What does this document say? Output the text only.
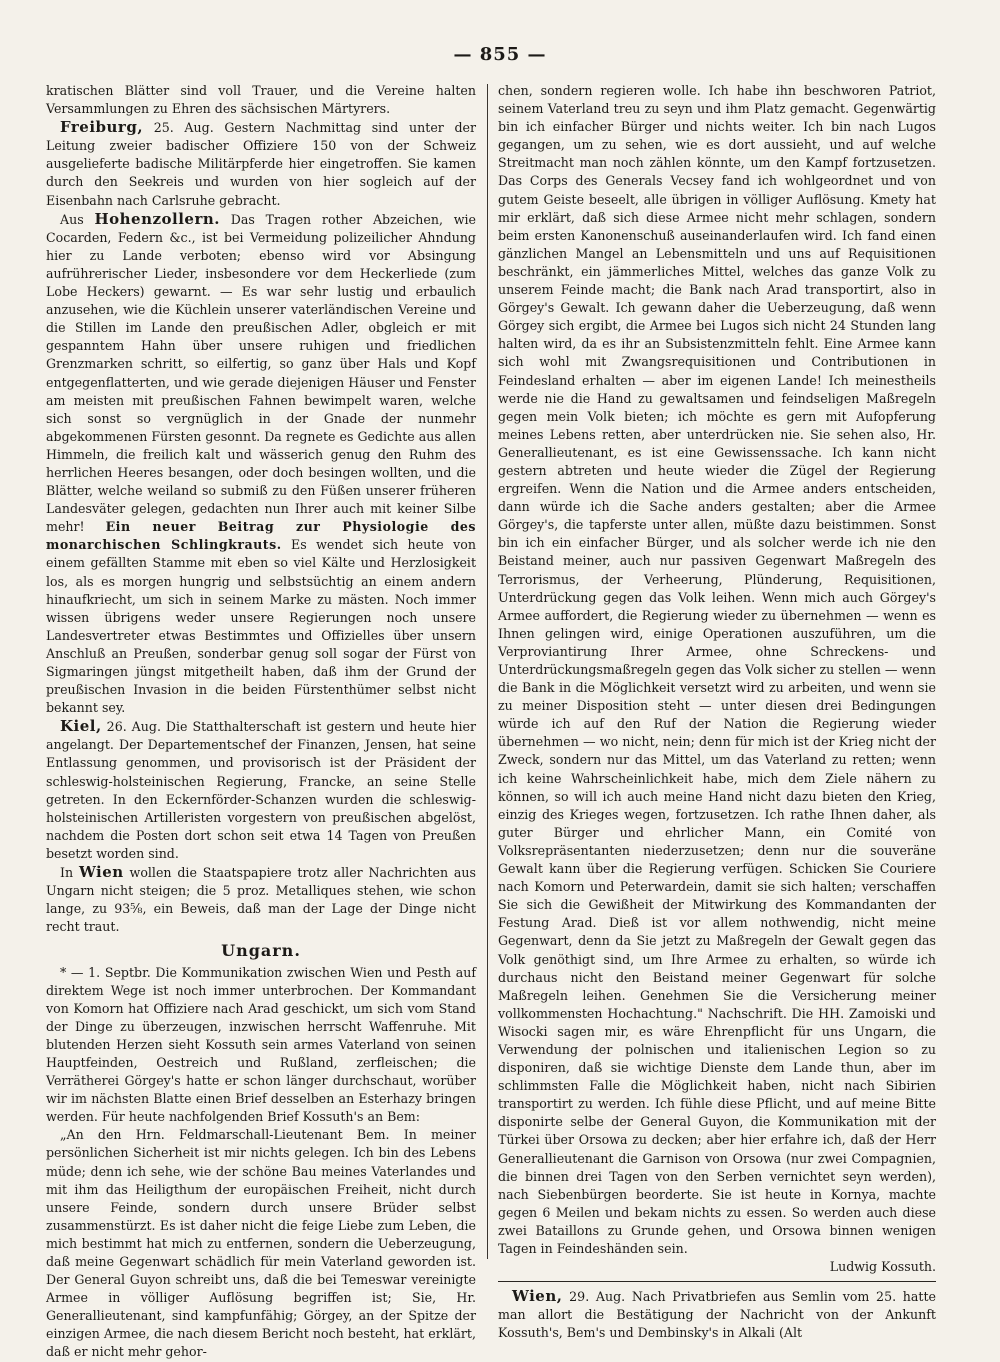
— 855 —

kratischen Blätter sind voll Trauer, und die Vereine halten Versammlungen zu Ehren des sächsischen Märtyrers.

Freiburg, 25. Aug. Gestern Nachmittag sind unter der Leitung zweier badischer Offiziere 150 von der Schweiz ausgelieferte badische Militärpferde hier eingetroffen. Sie kamen durch den Seekreis und wurden von hier sogleich auf der Eisenbahn nach Carlsruhe gebracht.

Aus Hohenzollern. Das Tragen rother Abzeichen, wie Cocarden, Federn &c., ist bei Vermeidung polizeilicher Ahndung hier zu Lande verboten; ebenso wird vor Absingung aufrührerischer Lieder, insbesondere vor dem Heckerliede (zum Lobe Heckers) gewarnt. — Es war sehr lustig und erbaulich anzusehen, wie die Küchlein unserer vaterländischen Vereine und die Stillen im Lande den preußischen Adler, obgleich er mit gespanntem Hahn über unsere ruhigen und friedlichen Grenzmarken schritt, so eilfertig, so ganz über Hals und Kopf entgegenflatterten, und wie gerade diejenigen Häuser und Fenster am meisten mit preußischen Fahnen bewimpelt waren, welche sich sonst so vergnüglich in der Gnade der nunmehr abgekommenen Fürsten gesonnt. Da regnete es Gedichte aus allen Himmeln, die freilich kalt und wässerich genug den Ruhm des herrlichen Heeres besangen, oder doch besingen wollten, und die Blätter, welche weiland so submiß zu den Füßen unserer früheren Landesväter gelegen, gedachten nun Ihrer auch mit keiner Silbe mehr! Ein neuer Beitrag zur Physiologie des monarchischen Schlingkrauts. Es wendet sich heute von einem gefällten Stamme mit eben so viel Kälte und Herzlosigkeit los, als es morgen hungrig und selbstsüchtig an einem andern hinaufkriecht, um sich in seinem Marke zu mästen. Noch immer wissen übrigens weder unsere Regierungen noch unsere Landesvertreter etwas Bestimmtes und Offizielles über unsern Anschluß an Preußen, sonderbar genug soll sogar der Fürst von Sigmaringen jüngst mitgetheilt haben, daß ihm der Grund der preußischen Invasion in die beiden Fürstenthümer selbst nicht bekannt sey.

Kiel, 26. Aug. Die Statthalterschaft ist gestern und heute hier angelangt. Der Departementschef der Finanzen, Jensen, hat seine Entlassung genommen, und provisorisch ist der Präsident der schleswig-holsteinischen Regierung, Francke, an seine Stelle getreten. In den Eckernförder-Schanzen wurden die schleswig-holsteinischen Artilleristen vorgestern von preußischen abgelöst, nachdem die Posten dort schon seit etwa 14 Tagen von Preußen besetzt worden sind.

In Wien wollen die Staatspapiere trotz aller Nachrichten aus Ungarn nicht steigen; die 5 proz. Metalliques stehen, wie schon lange, zu 93⅝, ein Beweis, daß man der Lage der Dinge nicht recht traut.

Ungarn.

* — 1. Septbr. Die Kommunikation zwischen Wien und Pesth auf direktem Wege ist noch immer unterbrochen. Der Kommandant von Komorn hat Offiziere nach Arad geschickt, um sich vom Stand der Dinge zu überzeugen, inzwischen herrscht Waffenruhe. Mit blutenden Herzen sieht Kossuth sein armes Vaterland von seinen Hauptfeinden, Oestreich und Rußland, zerfleischen; die Verrätherei Görgey's hatte er schon länger durchschaut, worüber wir im nächsten Blatte einen Brief desselben an Esterhazy bringen werden. Für heute nachfolgenden Brief Kossuth's an Bem:

„An den Hrn. Feldmarschall-Lieutenant Bem. In meiner persönlichen Sicherheit ist mir nichts gelegen. Ich bin des Lebens müde; denn ich sehe, wie der schöne Bau meines Vaterlandes und mit ihm das Heiligthum der europäischen Freiheit, nicht durch unsere Feinde, sondern durch unsere Brüder selbst zusammenstürzt. Es ist daher nicht die feige Liebe zum Leben, die mich bestimmt hat mich zu entfernen, sondern die Ueberzeugung, daß meine Gegenwart schädlich für mein Vaterland geworden ist. Der General Guyon schreibt uns, daß die bei Temeswar vereinigte Armee in völliger Auflösung begriffen ist; Sie, Hr. Generallieutenant, sind kampfunfähig; Görgey, an der Spitze der einzigen Armee, die nach diesem Bericht noch besteht, hat erklärt, daß er nicht mehr gehor-

chen, sondern regieren wolle. Ich habe ihn beschworen Patriot, seinem Vaterland treu zu seyn und ihm Platz gemacht. Gegenwärtig bin ich einfacher Bürger und nichts weiter. Ich bin nach Lugos gegangen, um zu sehen, wie es dort aussieht, und auf welche Streitmacht man noch zählen könnte, um den Kampf fortzusetzen. Das Corps des Generals Vecsey fand ich wohlgeordnet und von gutem Geiste beseelt, alle übrigen in völliger Auflösung. Kmety hat mir erklärt, daß sich diese Armee nicht mehr schlagen, sondern beim ersten Kanonenschuß auseinanderlaufen wird. Ich fand einen gänzlichen Mangel an Lebensmitteln und uns auf Requisitionen beschränkt, ein jämmerliches Mittel, welches das ganze Volk zu unserem Feinde macht; die Bank nach Arad transportirt, also in Görgey's Gewalt. Ich gewann daher die Ueberzeugung, daß wenn Görgey sich ergibt, die Armee bei Lugos sich nicht 24 Stunden lang halten wird, da es ihr an Subsistenzmitteln fehlt. Eine Armee kann sich wohl mit Zwangsrequisitionen und Contributionen in Feindesland erhalten — aber im eigenen Lande! Ich meinestheils werde nie die Hand zu gewaltsamen und feindseligen Maßregeln gegen mein Volk bieten; ich möchte es gern mit Aufopferung meines Lebens retten, aber unterdrücken nie. Sie sehen also, Hr. Generallieutenant, es ist eine Gewissenssache. Ich kann nicht gestern abtreten und heute wieder die Zügel der Regierung ergreifen. Wenn die Nation und die Armee anders entscheiden, dann würde ich die Sache anders gestalten; aber die Armee Görgey's, die tapferste unter allen, müßte dazu beistimmen. Sonst bin ich ein einfacher Bürger, und als solcher werde ich nie den Beistand meiner, auch nur passiven Gegenwart Maßregeln des Terrorismus, der Verheerung, Plünderung, Requisitionen, Unterdrückung gegen das Volk leihen. Wenn mich auch Görgey's Armee auffordert, die Regierung wieder zu übernehmen — wenn es Ihnen gelingen wird, einige Operationen auszuführen, um die Verproviantirung Ihrer Armee, ohne Schreckens- und Unterdrückungsmaßregeln gegen das Volk sicher zu stellen — wenn die Bank in die Möglichkeit versetzt wird zu arbeiten, und wenn sie zu meiner Disposition steht — unter diesen drei Bedingungen würde ich auf den Ruf der Nation die Regierung wieder übernehmen — wo nicht, nein; denn für mich ist der Krieg nicht der Zweck, sondern nur das Mittel, um das Vaterland zu retten; wenn ich keine Wahrscheinlichkeit habe, mich dem Ziele nähern zu können, so will ich auch meine Hand nicht dazu bieten den Krieg, einzig des Krieges wegen, fortzusetzen. Ich rathe Ihnen daher, als guter Bürger und ehrlicher Mann, ein Comité von Volksrepräsentanten niederzusetzen; denn nur die souveräne Gewalt kann über die Regierung verfügen. Schicken Sie Couriere nach Komorn und Peterwardein, damit sie sich halten; verschaffen Sie sich die Gewißheit der Mitwirkung des Kommandanten der Festung Arad. Dieß ist vor allem nothwendig, nicht meine Gegenwart, denn da Sie jetzt zu Maßregeln der Gewalt gegen das Volk genöthigt sind, um Ihre Armee zu erhalten, so würde ich durchaus nicht den Beistand meiner Gegenwart für solche Maßregeln leihen. Genehmen Sie die Versicherung meiner vollkommensten Hochachtung." Nachschrift. Die HH. Zamoiski und Wisocki sagen mir, es wäre Ehrenpflicht für uns Ungarn, die Verwendung der polnischen und italienischen Legion so zu disponiren, daß sie wichtige Dienste dem Lande thun, aber im schlimmsten Falle die Möglichkeit haben, nicht nach Sibirien transportirt zu werden. Ich fühle diese Pflicht, und auf meine Bitte disponirte selbe der General Guyon, die Kommunikation mit der Türkei über Orsowa zu decken; aber hier erfahre ich, daß der Herr Generallieutenant die Garnison von Orsowa (nur zwei Compagnien, die binnen drei Tagen von den Serben vernichtet seyn werden), nach Siebenbürgen beorderte. Sie ist heute in Kornya, machte gegen 6 Meilen und bekam nichts zu essen. So werden auch diese zwei Bataillons zu Grunde gehen, und Orsowa binnen wenigen Tagen in Feindeshänden sein.

Ludwig Kossuth.

Wien, 29. Aug. Nach Privatbriefen aus Semlin vom 25. hatte man allort die Bestätigung der Nachricht von der Ankunft Kossuth's, Bem's und Dembinsky's in Alkali (Alt
